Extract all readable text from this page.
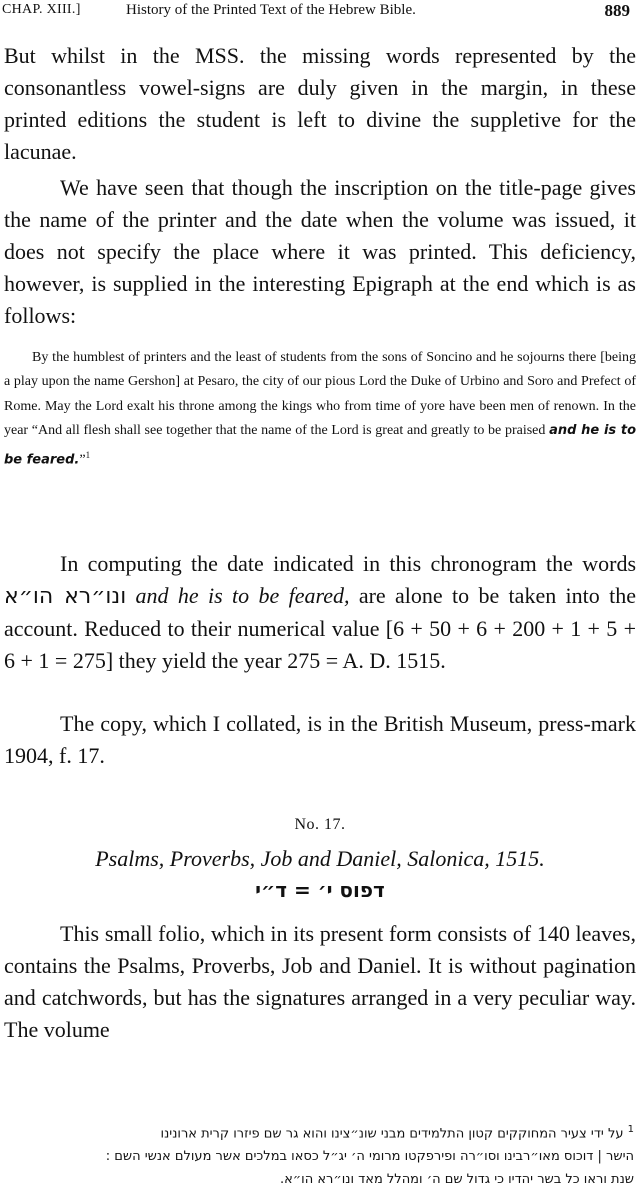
CHAP. XIII.]	History of the Printed Text of the Hebrew Bible.	889

But whilst in the MSS. the missing words represented by the consonantless vowel-signs are duly given in the margin, in these printed editions the student is left to divine the suppletive for the lacunae.

We have seen that though the inscription on the title-page gives the name of the printer and the date when the volume was issued, it does not specify the place where it was printed. This deficiency, however, is supplied in the interesting Epigraph at the end which is as follows:

By the humblest of printers and the least of students from the sons of Soncino and he sojourns there [being a play upon the name Gershon] at Pesaro, the city of our pious Lord the Duke of Urbino and Soro and Prefect of Rome. May the Lord exalt his throne among the kings who from time of yore have been men of renown. In the year “And all flesh shall see together that the name of the Lord is great and greatly to be praised and he is to be feared.”$^1$

In computing the date indicated in this chronogram the words ונו״רא הו״א and he is to be feared, are alone to be taken into the account. Reduced to their numerical value [6 + 50 + 6 + 200 + 1 + 5 + 6 + 1 = 275] they yield the year 275 = A. D. 1515.

The copy, which I collated, is in the British Museum, press-mark 1904, f. 17.

No. 17.
Psalms, Proverbs, Job and Daniel, Salonica, 1515.
דפוס י׳ = ד״י

This small folio, which in its present form consists of 140 leaves, contains the Psalms, Proverbs, Job and Daniel. It is without pagination and catchwords, but has the signatures arranged in a very peculiar way. The volume

$^1$ על ידי צעיר המחוקקים קטון התלמידים מבני שונ״צינו והוא גר שם פיזרו קרית ארונינו
הישר | דוכוס מאו״רבינו וסו״רה ופירפקטו מרומי ה׳ יג״ל כסאו במלכים אשר מעולם אנשי השם :
שנת וראו כל בשר יהדיו כי גדול שם ה׳ ומהלל מאד ונו״רא הו״א.
